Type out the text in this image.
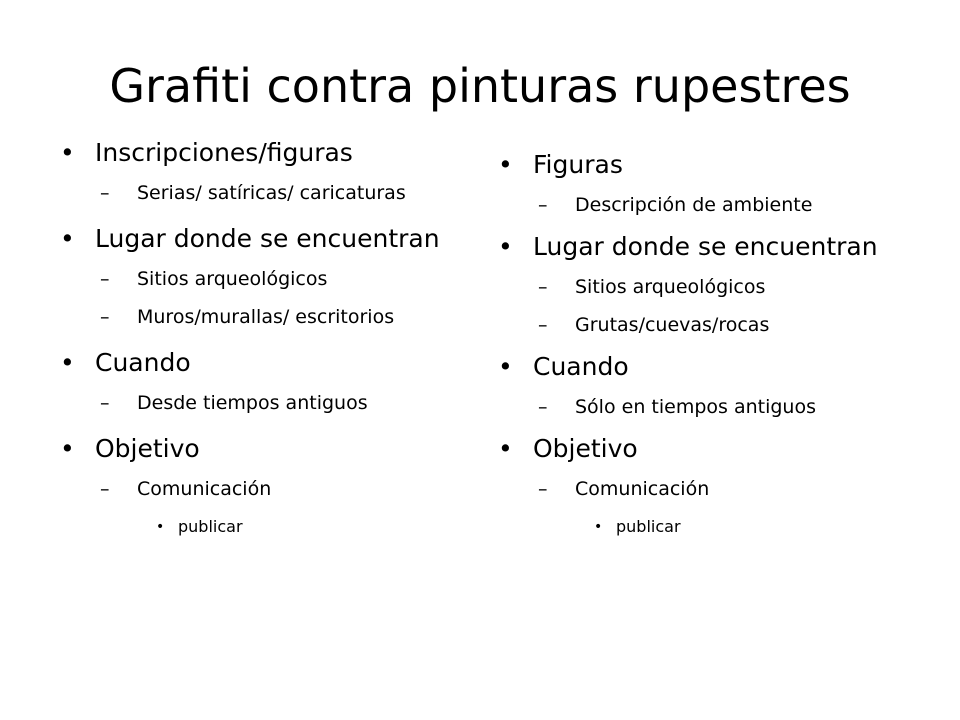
Grafiti contra pinturas rupestres
• Inscripciones/figuras
– Serias/ satíricas/ caricaturas
• Lugar donde se encuentran
– Sitios arqueológicos
– Muros/murallas/ escritorios
• Cuando
– Desde tiempos antiguos
• Objetivo
– Comunicación
• publicar
• Figuras
– Descripción de ambiente
• Lugar donde se encuentran
– Sitios arqueológicos
– Grutas/cuevas/rocas
• Cuando
– Sólo en tiempos antiguos
• Objetivo
– Comunicación
• publicar
